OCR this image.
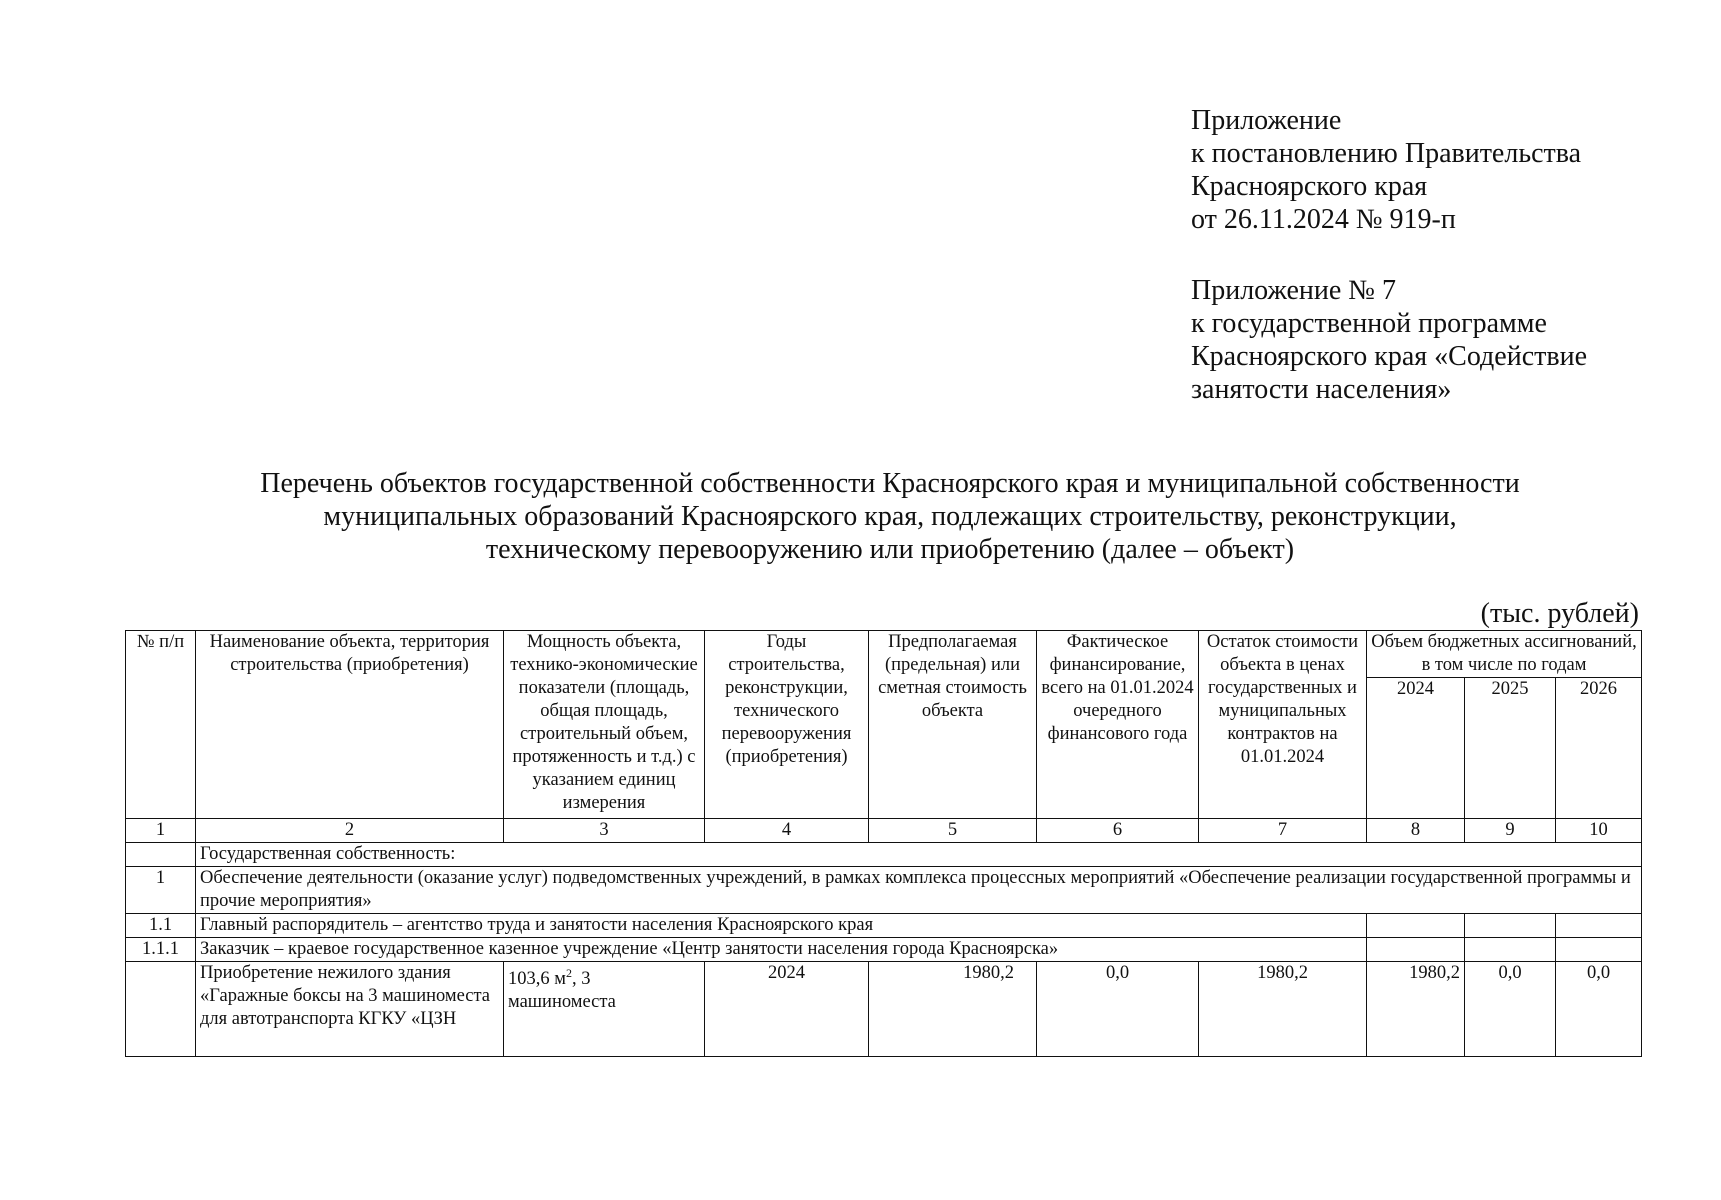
Приложение
к постановлению Правительства
Красноярского края
от 26.11.2024 № 919-п
Приложение № 7
к государственной программе
Красноярского края «Содействие
занятости населения»
Перечень объектов государственной собственности Красноярского края и муниципальной собственности
муниципальных образований Красноярского края, подлежащих строительству, реконструкции,
техническому перевооружению или приобретению (далее – объект)
(тыс. рублей)
№ п/п	Наименование объекта, территория строительства (приобретения)	Мощность объекта, технико-экономические показатели (площадь, общая площадь, строительный объем, протяженность и т.д.) с указанием единиц измерения	Годы строительства, реконструкции, технического перевооружения (приобретения)	Предполагаемая (предельная) или сметная стоимость объекта	Фактическое финансирование, всего на 01.01.2024 очередного финансового года	Остаток стоимости объекта в ценах государственных и муниципальных контрактов на 01.01.2024	Объем бюджетных ассигнований, в том числе по годам		
							2024	2025	2026
1	2	3	4	5	6	7	8	9	10
	Государственная собственность:								
1	Обеспечение деятельности (оказание услуг) подведомственных учреждений, в рамках комплекса процессных мероприятий «Обеспечение реализации государственной программы и прочие мероприятия»								
1.1	Главный распорядитель – агентство труда и занятости населения Красноярского края								
1.1.1	Заказчик – краевое государственное казенное учреждение «Центр занятости населения города Красноярска»								
	Приобретение нежилого здания «Гаражные боксы на 3 машиноместа для автотранспорта КГКУ «ЦЗН	103,6 $м^2$, 3 машиноместа	2024	1980,2	0,0	1980,2	1980,2	0,0	0,0
